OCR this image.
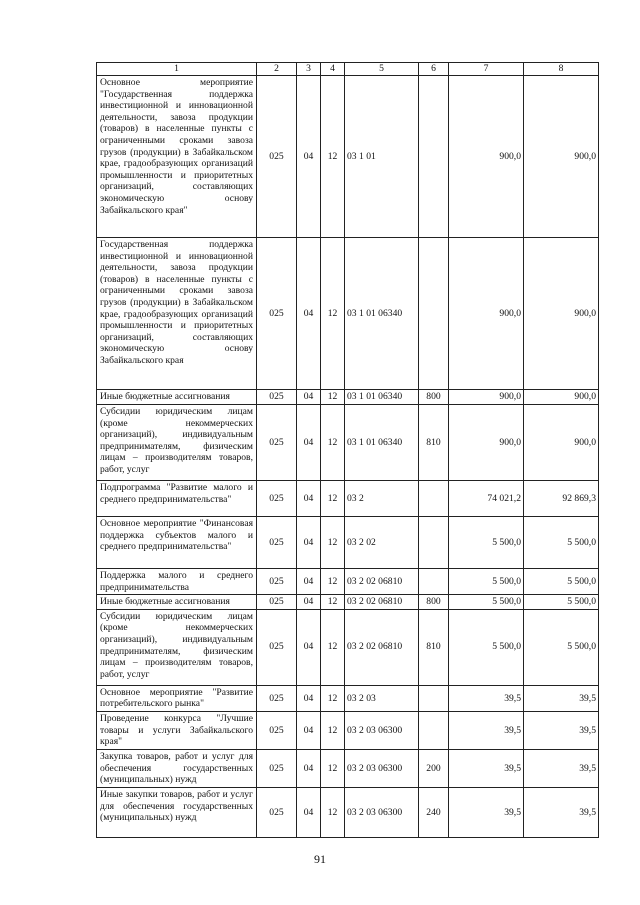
1	2	3	4	5	6	7	8
Основное мероприятие "Государственная поддержка инвестиционной и инновационной деятельности, завоза продукции (товаров) в населенные пункты с ограниченными сроками завоза грузов (продукции) в Забайкальском крае, градообразующих организаций промышленности и приоритетных организаций, составляющих экономическую основу Забайкальского края"	025	04	12	03 1 01		900,0	900,0
Государственная поддержка инвестиционной и инновационной деятельности, завоза продукции (товаров) в населенные пункты с ограниченными сроками завоза грузов (продукции) в Забайкальском крае, градообразующих организаций промышленности и приоритетных организаций, составляющих экономическую основу Забайкальского края	025	04	12	03 1 01 06340		900,0	900,0
Иные бюджетные ассигнования	025	04	12	03 1 01 06340	800	900,0	900,0
Субсидии юридическим лицам (кроме некоммерческих организаций), индивидуальным предпринимателям, физическим лицам – производителям товаров, работ, услуг	025	04	12	03 1 01 06340	810	900,0	900,0
Подпрограмма "Развитие малого и среднего предпринимательства"	025	04	12	03 2		74 021,2	92 869,3
Основное мероприятие "Финансовая поддержка субъектов малого и среднего предпринимательства"	025	04	12	03 2 02		5 500,0	5 500,0
Поддержка малого и среднего предпринимательства	025	04	12	03 2 02 06810		5 500,0	5 500,0
Иные бюджетные ассигнования	025	04	12	03 2 02 06810	800	5 500,0	5 500,0
Субсидии юридическим лицам (кроме некоммерческих организаций), индивидуальным предпринимателям, физическим лицам – производителям товаров, работ, услуг	025	04	12	03 2 02 06810	810	5 500,0	5 500,0
Основное мероприятие "Развитие потребительского рынка"	025	04	12	03 2 03		39,5	39,5
Проведение конкурса "Лучшие товары и услуги Забайкальского края"	025	04	12	03 2 03 06300		39,5	39,5
Закупка товаров, работ и услуг для обеспечения государственных (муниципальных) нужд	025	04	12	03 2 03 06300	200	39,5	39,5
Иные закупки товаров, работ и услуг для обеспечения государственных (муниципальных) нужд	025	04	12	03 2 03 06300	240	39,5	39,5
91
